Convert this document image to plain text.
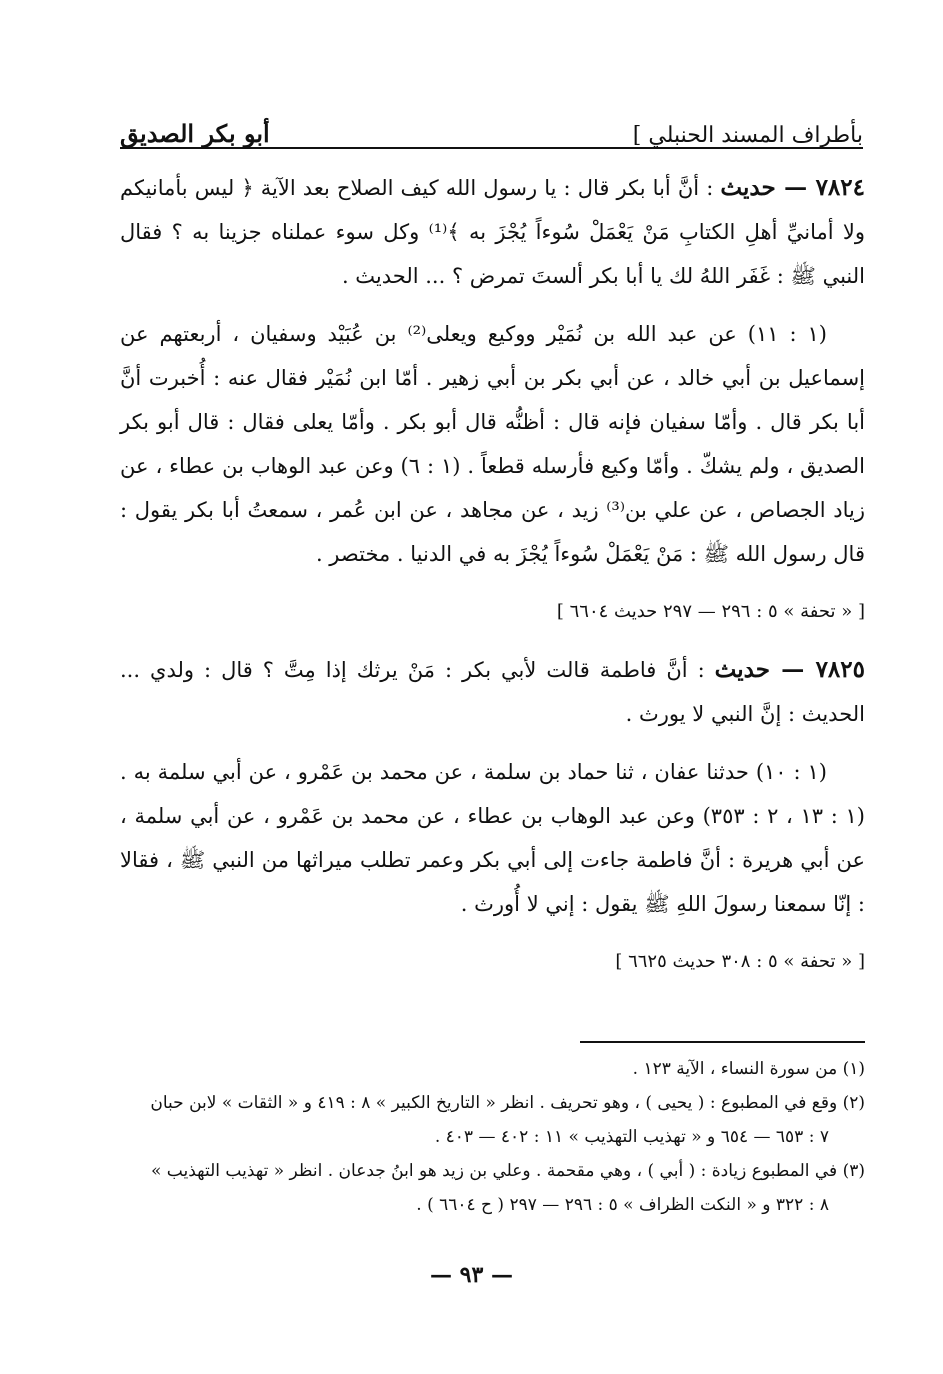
بأطراف المسند الحنبلي ]
أبو بكر الصديق

٧٨٢٤ — حديث : أنَّ أبا بكر قال : يا رسول الله كيف الصلاح بعد الآية ﴿ ليس بأمانيكم ولا أمانيِّ أهلِ الكتابِ مَنْ يَعْمَلْ سُوءاً يُجْزَ به ﴾⁽¹⁾ وكل سوء عملناه جزينا به ؟ فقال النبي ﷺ : غَفَر اللهُ لك يا أبا بكر ألستَ تمرض ؟ ... الحديث .

(١ : ١١) عن عبد الله بن نُمَيْر ووكيع ويعلى⁽²⁾ بن عُبَيْد وسفيان ، أربعتهم عن إسماعيل بن أبي خالد ، عن أبي بكر بن أبي زهير . أمّا ابن نُمَيْر فقال عنه : أُخبرت أنَّ أبا بكر قال . وأمّا سفيان فإنه قال : أظنُّه قال أبو بكر . وأمّا يعلى فقال : قال أبو بكر الصديق ، ولم يشكّ . وأمّا وكيع فأرسله قطعاً . (١ : ٦) وعن عبد الوهاب بن عطاء ، عن زياد الجصاص ، عن علي بن⁽³⁾ زيد ، عن مجاهد ، عن ابن عُمر ، سمعتُ أبا بكر يقول : قال رسول الله ﷺ : مَنْ يَعْمَلْ سُوءاً يُجْزَ به في الدنيا . مختصر .

[ « تحفة » ٥ : ٢٩٦ — ٢٩٧ حديث ٦٦٠٤ ]

٧٨٢٥ — حديث : أنَّ فاطمة قالت لأبي بكر : مَنْ يرثك إذا مِتَّ ؟ قال : ولدي ... الحديث : إنَّ النبي لا يورث .

(١ : ١٠) حدثنا عفان ، ثنا حماد بن سلمة ، عن محمد بن عَمْرو ، عن أبي سلمة به . (١ : ١٣ ، ٢ : ٣٥٣) وعن عبد الوهاب بن عطاء ، عن محمد بن عَمْرو ، عن أبي سلمة ، عن أبي هريرة : أنَّ فاطمة جاءت إلى أبي بكر وعمر تطلب ميراثها من النبي ﷺ ، فقالا : إنّا سمعنا رسولَ اللهِ ﷺ يقول : إني لا أُورث .

[ « تحفة » ٥ : ٣٠٨ حديث ٦٦٢٥ ]

(١) من سورة النساء ، الآية ١٢٣ .
(٢) وقع في المطبوع : ( يحيى ) ، وهو تحريف . انظر « التاريخ الكبير » ٨ : ٤١٩ و « الثقات » لابن حبان
٧ : ٦٥٣ — ٦٥٤ و « تهذيب التهذيب » ١١ : ٤٠٢ — ٤٠٣ .
(٣) في المطبوع زيادة : ( أبي ) ، وهي مقحمة . وعلي بن زيد هو ابنُ جدعان . انظر « تهذيب التهذيب »
٨ : ٣٢٢ و « النكت الظراف » ٥ : ٢٩٦ — ٢٩٧ ( ح ٦٦٠٤ ) .
— ٩٣ —
